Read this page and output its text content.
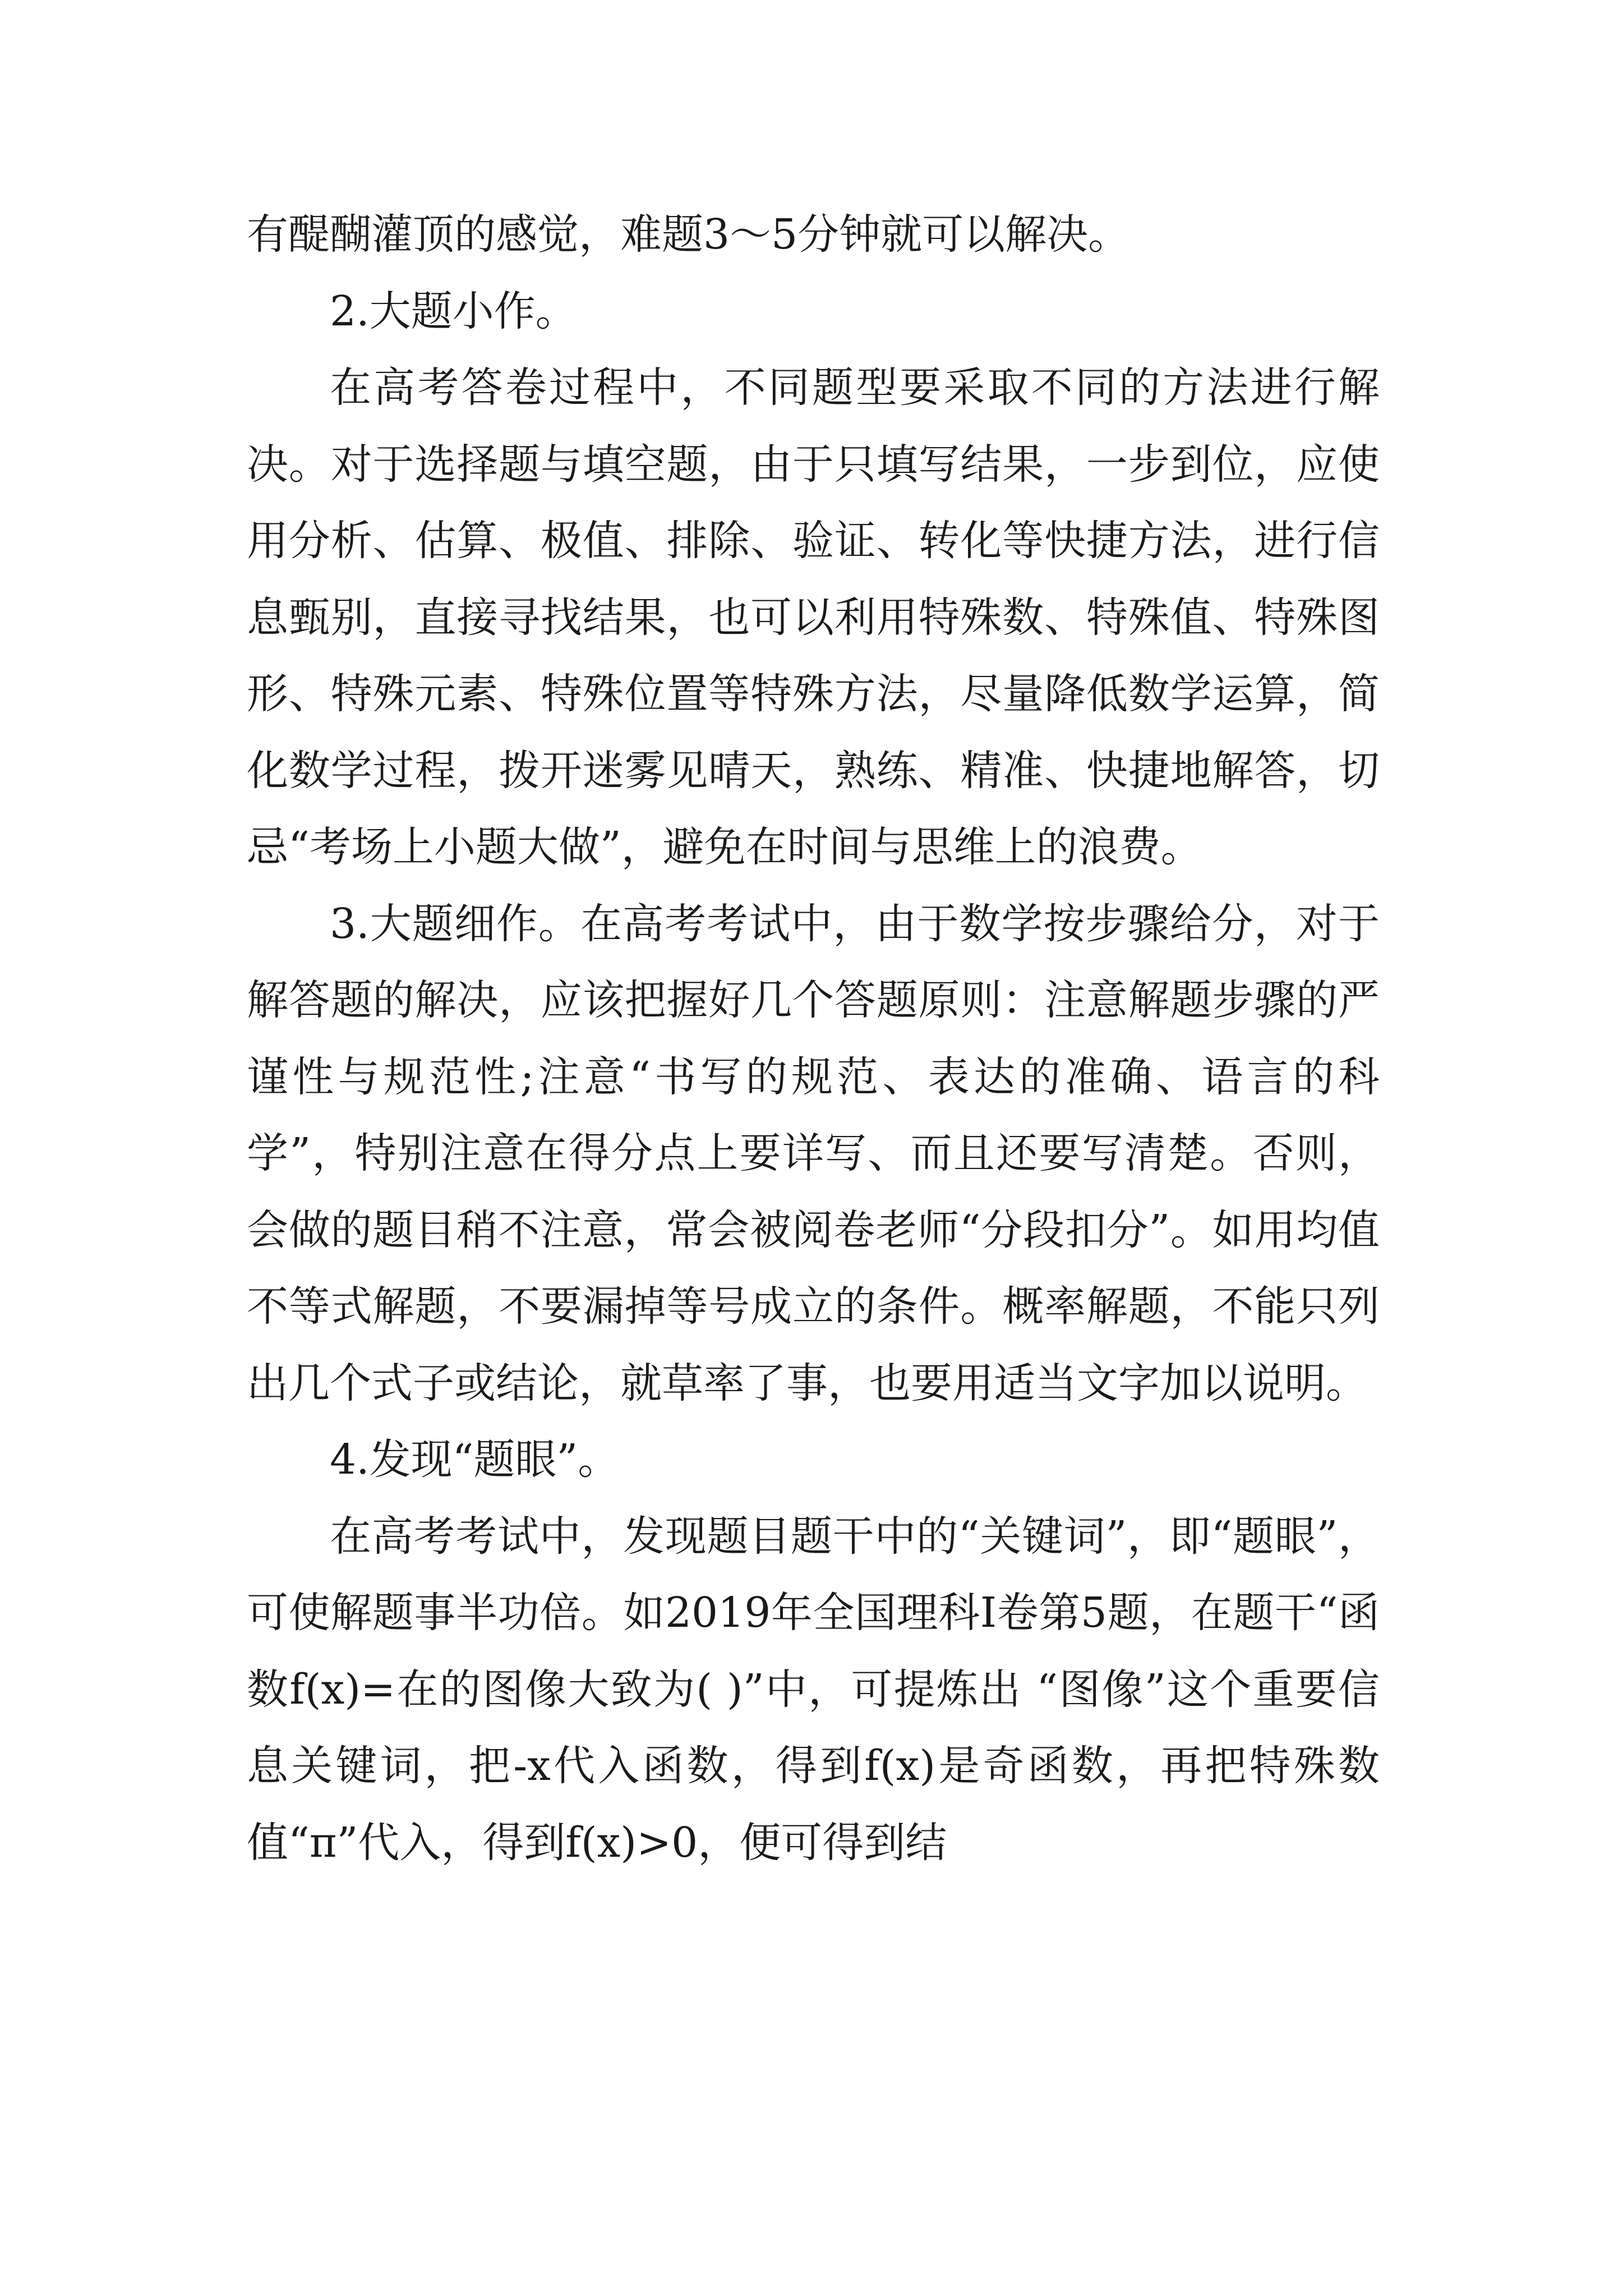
有醍醐灌顶的感觉，难题3～5分钟就可以解决。

2.大题小作。

在高考答卷过程中，不同题型要采取不同的方法进行解决。对于选择题与填空题，由于只填写结果，一步到位，应使用分析、估算、极值、排除、验证、转化等快捷方法，进行信息甄别，直接寻找结果，也可以利用特殊数、特殊值、特殊图形、特殊元素、特殊位置等特殊方法，尽量降低数学运算，简化数学过程，拨开迷雾见晴天，熟练、精准、快捷地解答，切忌“考场上小题大做”，避免在时间与思维上的浪费。

3.大题细作。在高考考试中，由于数学按步骤给分，对于解答题的解决，应该把握好几个答题原则：注意解题步骤的严谨性与规范性;注意“书写的规范、表达的准确、语言的科学”，特别注意在得分点上要详写、而且还要写清楚。否则，会做的题目稍不注意，常会被阅卷老师“分段扣分”。如用均值不等式解题，不要漏掉等号成立的条件。概率解题，不能只列出几个式子或结论，就草率了事，也要用适当文字加以说明。

4.发现“题眼”。

在高考考试中，发现题目题干中的“关键词”，即“题眼”，可使解题事半功倍。如2019年全国理科Ⅰ卷第5题，在题干“函数f(x)=在的图像大致为( )”中，可提炼出 “图像”这个重要信息关键词，把-x代入函数，得到f(x)是奇函数，再把特殊数值“π”代入，得到f(x)>0，便可得到结
